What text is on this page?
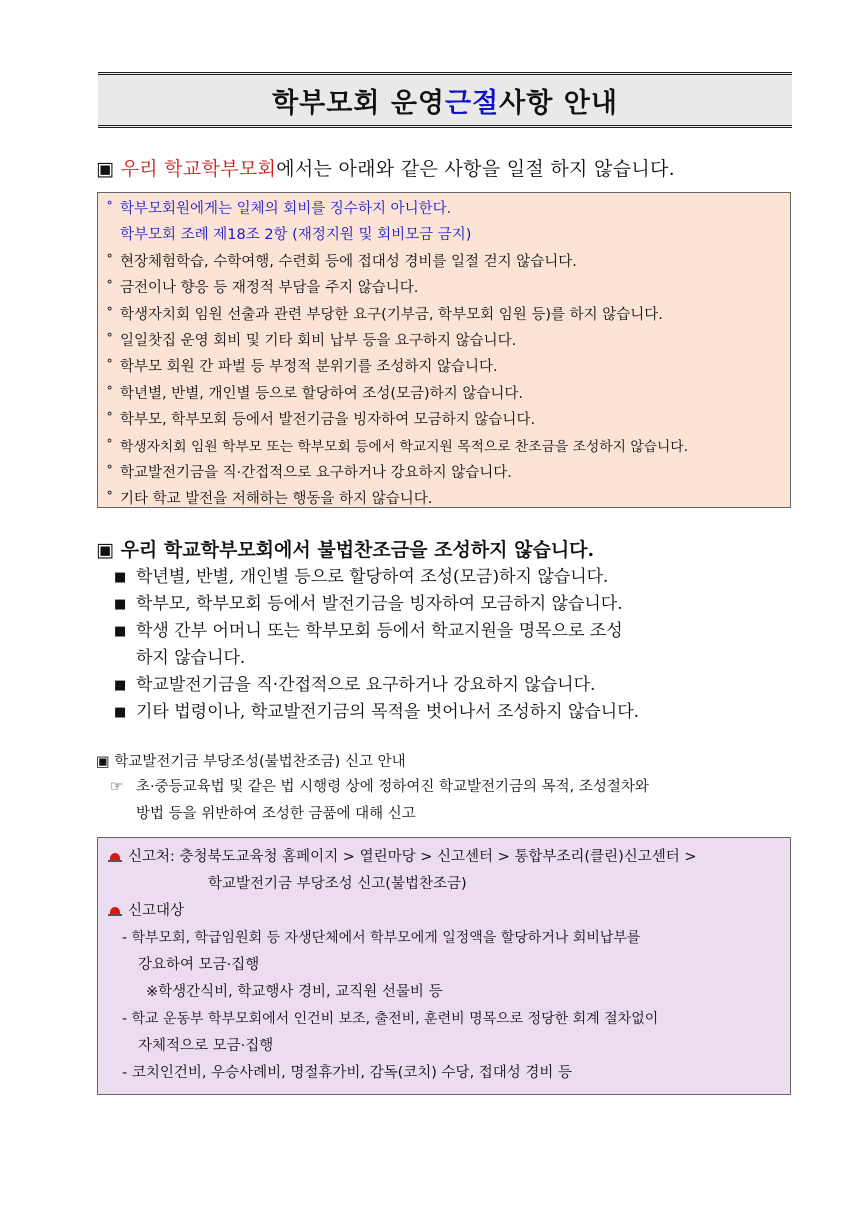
학부모회 운영 근절 사항 안내
▣ 우리 학교학부모회에서는 아래와 같은 사항을 일절 하지 않습니다.
˚ 학부모회원에게는 일체의 회비를 징수하지 아니한다.
학부모회 조례 제18조 2항 (재정지원 및 회비모금 금지)
˚ 현장체험학습, 수학여행, 수련회 등에 접대성 경비를 일절 걷지 않습니다.
˚ 금전이나 향응 등 재정적 부담을 주지 않습니다.
˚ 학생자치회 임원 선출과 관련 부당한 요구(기부금, 학부모회 임원 등)를 하지 않습니다.
˚ 일일찻집 운영 회비 및 기타 회비 납부 등을 요구하지 않습니다.
˚ 학부모 회원 간 파벌 등 부정적 분위기를 조성하지 않습니다.
˚ 학년별, 반별, 개인별 등으로 할당하여 조성(모금)하지 않습니다.
˚ 학부모, 학부모회 등에서 발전기금을 빙자하여 모금하지 않습니다.
˚ 학생자치회 임원 학부모 또는 학부모회 등에서 학교지원 목적으로 찬조금을 조성하지 않습니다.
˚ 학교발전기금을 직·간접적으로 요구하거나 강요하지 않습니다.
˚ 기타 학교 발전을 저해하는 행동을 하지 않습니다.
▣ 우리 학교학부모회에서 불법찬조금을 조성하지 않습니다.
■ 학년별, 반별, 개인별 등으로 할당하여 조성(모금)하지 않습니다.
■ 학부모, 학부모회 등에서 발전기금을 빙자하여 모금하지 않습니다.
■ 학생 간부 어머니 또는 학부모회 등에서 학교지원을 명목으로 조성
하지 않습니다.
■ 학교발전기금을 직·간접적으로 요구하거나 강요하지 않습니다.
■ 기타 법령이나, 학교발전기금의 목적을 벗어나서 조성하지 않습니다.
▣ 학교발전기금 부당조성(불법찬조금) 신고 안내
☞ 초·중등교육법 및 같은 법 시행령 상에 정하여진 학교발전기금의 목적, 조성절차와
방법 등을 위반하여 조성한 금품에 대해 신고
신고처: 충청북도교육청 홈페이지 > 열린마당 > 신고센터 > 통합부조리(클린)신고센터 >
학교발전기금 부당조성 신고(불법찬조금)
신고대상
- 학부모회, 학급임원회 등 자생단체에서 학부모에게 일정액을 할당하거나 회비납부를
강요하여 모금·집행
※학생간식비, 학교행사 경비, 교직원 선물비 등
- 학교 운동부 학부모회에서 인건비 보조, 출전비, 훈련비 명목으로 정당한 회계 절차없이
자체적으로 모금·집행
- 코치인건비, 우승사례비, 명절휴가비, 감독(코치) 수당, 접대성 경비 등
